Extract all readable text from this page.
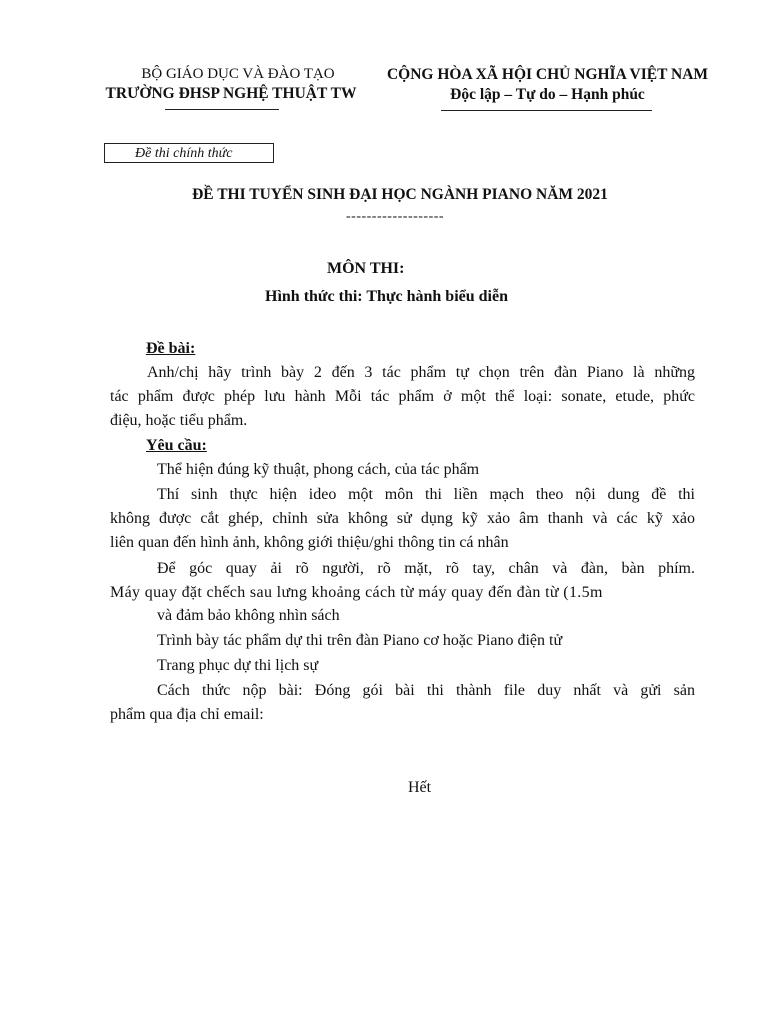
BỘ GIÁO DỤC VÀ ĐÀO TẠO
TRƯỜNG ĐHSP NGHỆ THUẬT TW
CỘNG HÒA XÃ HỘI CHỦ NGHĨA VIỆT NAM
Độc lập – Tự do – Hạnh phúc
Đề thi chính thức
ĐỀ THI TUYỂN SINH ĐẠI HỌC NGÀNH PIANO NĂM 2021
-------------------
MÔN THI:
Hình thức thi: Thực hành biểu diễn
Đề bài:
Anh/chị hãy trình bày 2 đến 3 tác phẩm tự chọn trên đàn Piano là những
tác phẩm được phép lưu hành Mỗi tác phẩm ở một thể loại: sonate, etude, phức
điệu, hoặc tiểu phẩm.
Yêu cầu:
Thể hiện đúng kỹ thuật, phong cách, của tác phẩm
Thí sinh thực hiện ideo một môn thi liền mạch theo nội dung đề thi
không được cắt ghép, chỉnh sửa không sử dụng kỹ xảo âm thanh và các kỹ xảo
liên quan đến hình ảnh, không giới thiệu/ghi thông tin cá nhân
Để góc quay ải rõ người, rõ mặt, rõ tay, chân và đàn, bàn phím.
Máy quay đặt chếch sau lưng khoảng cách từ máy quay đến đàn từ (1.5m
và đảm bảo không nhìn sách
Trình bày tác phẩm dự thi trên đàn Piano cơ hoặc Piano điện tử
Trang phục dự thi lịch sự
Cách thức nộp bài: Đóng gói bài thi thành file duy nhất và gửi sản
phẩm qua địa chỉ email:
Hết
